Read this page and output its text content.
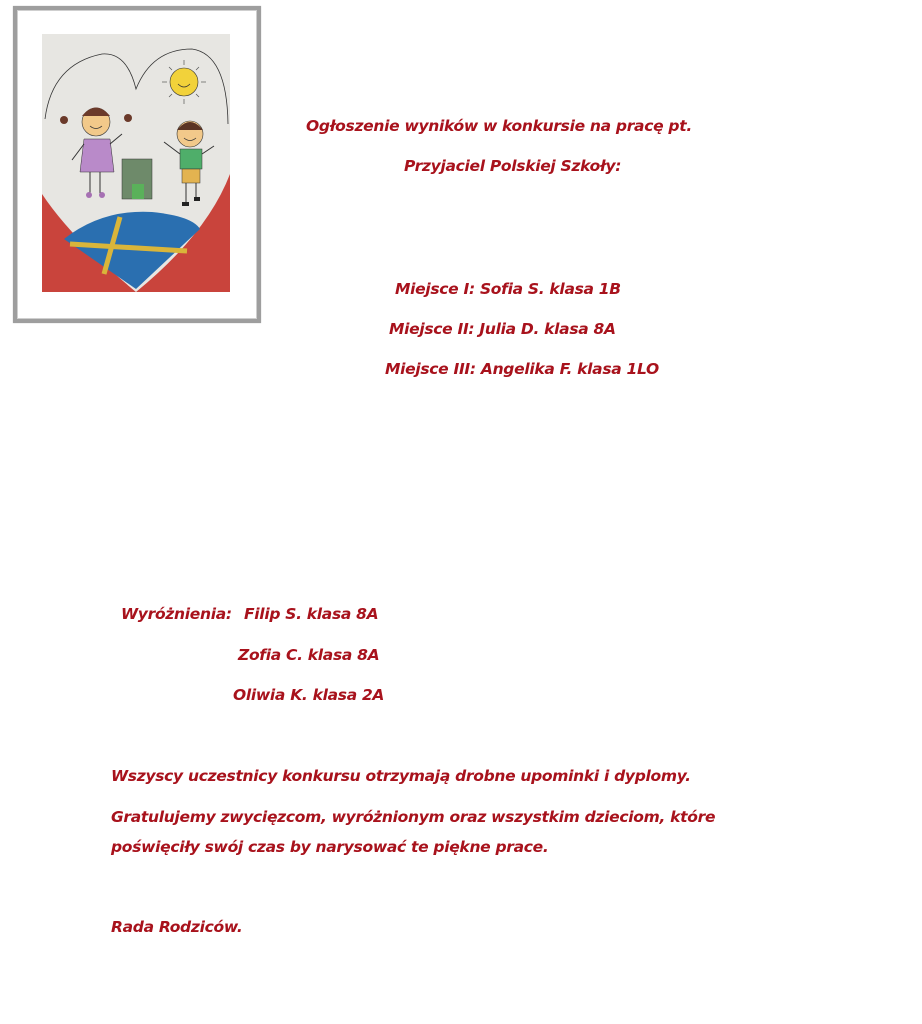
Ogłoszenie wyników w konkursie na pracę pt.
Przyjaciel Polskiej Szkoły:
Miejsce I: Sofia S. klasa 1B
Miejsce II: Julia D. klasa 8A
Miejsce III: Angelika F. klasa 1LO
Wyróżnienia: Filip S. klasa 8A
Zofia C. klasa 8A
Oliwia K. klasa 2A
Wszyscy uczestnicy konkursu otrzymają drobne upominki i dyplomy.
Gratulujemy zwycięzcom, wyróżnionym oraz wszystkim dzieciom, które
poświęciły swój czas by narysować te piękne prace.
Rada Rodziców.
